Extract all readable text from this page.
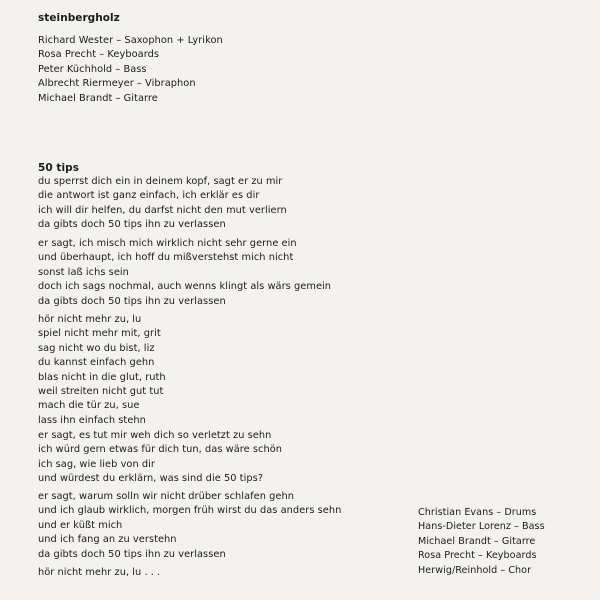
steinbergholz
Richard Wester – Saxophon + Lyrikon
Rosa Precht – Keyboards
Peter Küchhold – Bass
Albrecht Riermeyer – Vibraphon
Michael Brandt – Gitarre
50 tips
du sperrst dich ein in deinem kopf, sagt er zu mir
die antwort ist ganz einfach, ich erklär es dir
ich will dir helfen, du darfst nicht den mut verliern
da gibts doch 50 tips ihn zu verlassen
er sagt, ich misch mich wirklich nicht sehr gerne ein
und überhaupt, ich hoff du mißverstehst mich nicht
sonst laß ichs sein
doch ich sags nochmal, auch wenns klingt als wärs gemein
da gibts doch 50 tips ihn zu verlassen
hör nicht mehr zu, lu
spiel nicht mehr mit, grit
sag nicht wo du bist, liz
du kannst einfach gehn
blas nicht in die glut, ruth
weil streiten nicht gut tut
mach die tür zu, sue
lass ihn einfach stehn
er sagt, es tut mir weh dich so verletzt zu sehn
ich würd gern etwas für dich tun, das wäre schön
ich sag, wie lieb von dir
und würdest du erklärn, was sind die 50 tips?
er sagt, warum solln wir nicht drüber schlafen gehn
und ich glaub wirklich, morgen früh wirst du das anders sehn
und er küßt mich
und ich fang an zu verstehn
da gibts doch 50 tips ihn zu verlassen
hör nicht mehr zu, lu . . .
Christian Evans – Drums
Hans-Dieter Lorenz – Bass
Michael Brandt – Gitarre
Rosa Precht – Keyboards
Herwig/Reinhold – Chor
